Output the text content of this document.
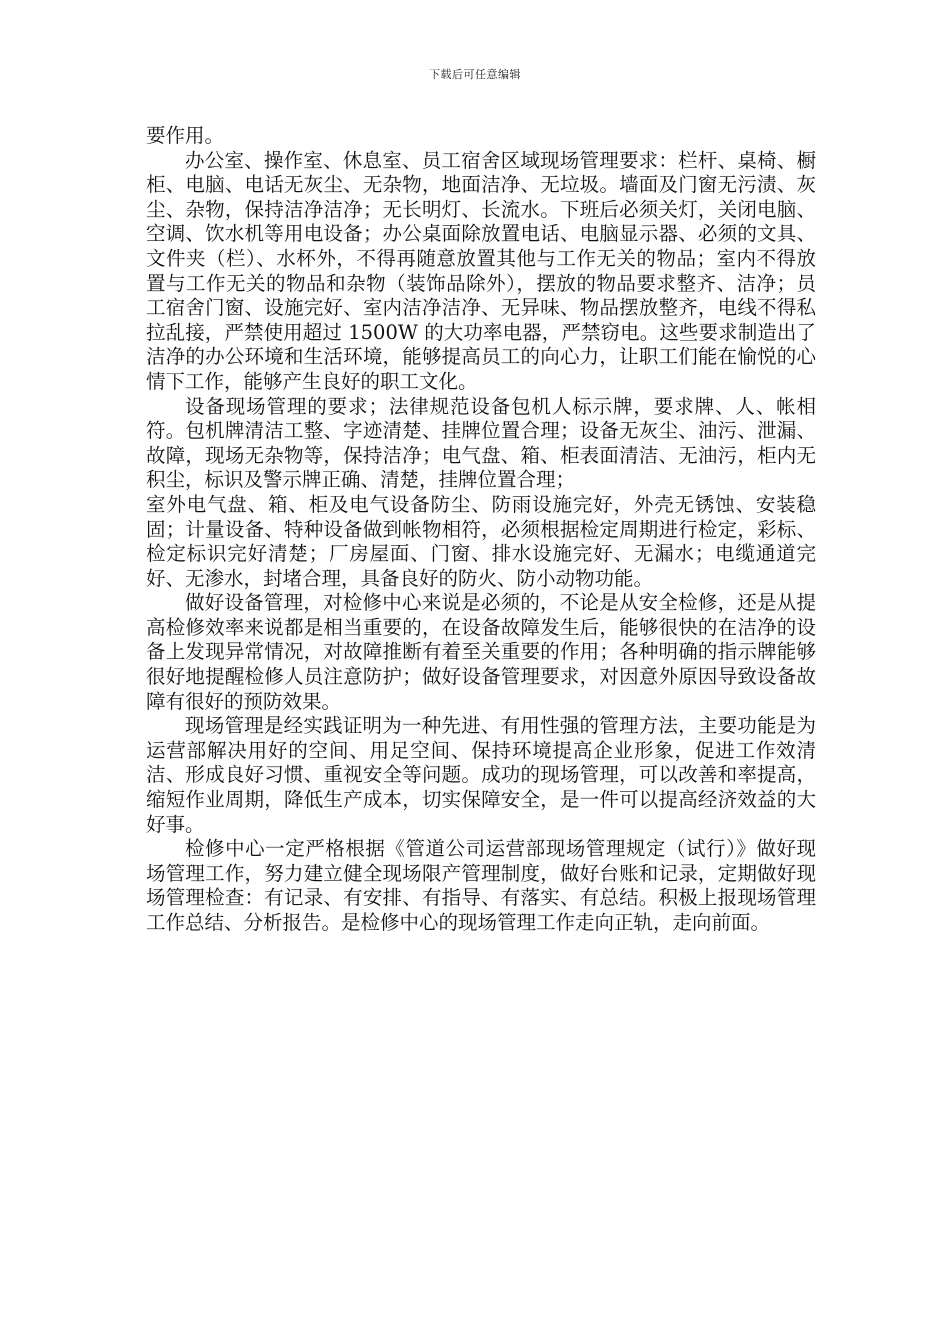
下载后可任意编辑

要作用。

办公室、操作室、休息室、员工宿舍区域现场管理要求：栏杆、桌椅、橱柜、电脑、电话无灰尘、无杂物，地面洁净、无垃圾。墙面及门窗无污渍、灰尘、杂物，保持洁净洁净；无长明灯、长流水。下班后必须关灯，关闭电脑、空调、饮水机等用电设备；办公桌面除放置电话、电脑显示器、必须的文具、文件夹（栏）、水杯外，不得再随意放置其他与工作无关的物品；室内不得放置与工作无关的物品和杂物（装饰品除外），摆放的物品要求整齐、洁净；员工宿舍门窗、设施完好、室内洁净洁净、无异味、物品摆放整齐，电线不得私拉乱接，严禁使用超过 1500W 的大功率电器，严禁窃电。这些要求制造出了洁净的办公环境和生活环境，能够提高员工的向心力，让职工们能在愉悦的心情下工作，能够产生良好的职工文化。

设备现场管理的要求；法律规范设备包机人标示牌，要求牌、人、帐相符。包机牌清洁工整、字迹清楚、挂牌位置合理；设备无灰尘、油污、泄漏、故障，现场无杂物等，保持洁净；电气盘、箱、柜表面清洁、无油污，柜内无积尘，标识及警示牌正确、清楚，挂牌位置合理；

室外电气盘、箱、柜及电气设备防尘、防雨设施完好，外壳无锈蚀、安装稳固；计量设备、特种设备做到帐物相符，必须根据检定周期进行检定，彩标、检定标识完好清楚；厂房屋面、门窗、排水设施完好、无漏水；电缆通道完好、无渗水，封堵合理，具备良好的防火、防小动物功能。

做好设备管理，对检修中心来说是必须的，不论是从安全检修，还是从提高检修效率来说都是相当重要的，在设备故障发生后，能够很快的在洁净的设备上发现异常情况，对故障推断有着至关重要的作用；各种明确的指示牌能够很好地提醒检修人员注意防护；做好设备管理要求，对因意外原因导致设备故障有很好的预防效果。

现场管理是经实践证明为一种先进、有用性强的管理方法，主要功能是为运营部解决用好的空间、用足空间、保持环境提高企业形象，促进工作效清洁、形成良好习惯、重视安全等问题。成功的现场管理，可以改善和率提高，缩短作业周期，降低生产成本，切实保障安全，是一件可以提高经济效益的大好事。

检修中心一定严格根据《管道公司运营部现场管理规定（试行）》做好现场管理工作，努力建立健全现场限产管理制度，做好台账和记录，定期做好现场管理检查：有记录、有安排、有指导、有落实、有总结。积极上报现场管理工作总结、分析报告。是检修中心的现场管理工作走向正轨，走向前面。
